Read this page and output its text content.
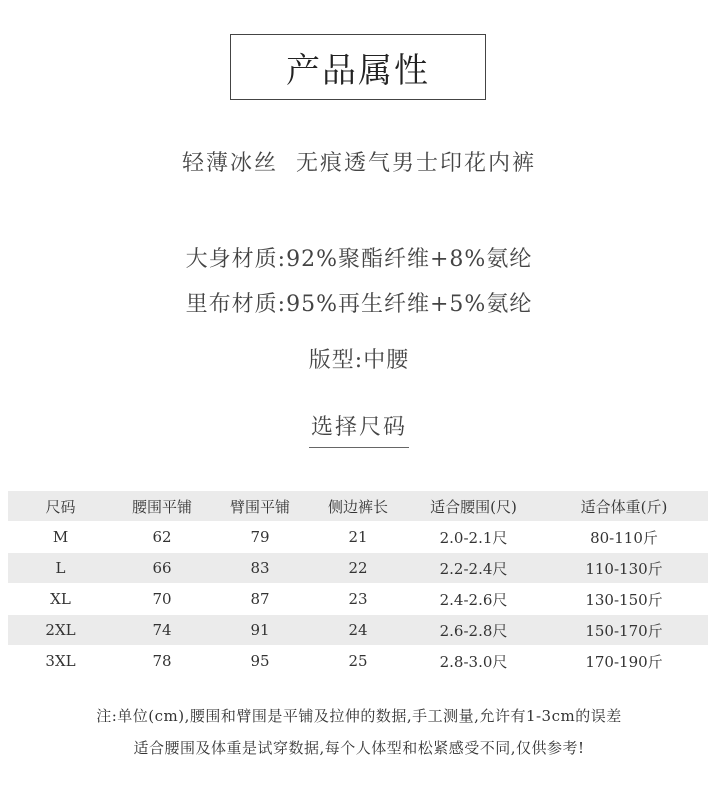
产品属性
轻薄冰丝  无痕透气男士印花内裤
大身材质:92%聚酯纤维+8%氨纶
里布材质:95%再生纤维+5%氨纶
版型:中腰
选择尺码
尺码	腰围平铺	臂围平铺	侧边裤长	适合腰围(尺)	适合体重(斤)
M	62	79	21	2.0-2.1尺	80-110斤
L	66	83	22	2.2-2.4尺	110-130斤
XL	70	87	23	2.4-2.6尺	130-150斤
2XL	74	91	24	2.6-2.8尺	150-170斤
3XL	78	95	25	2.8-3.0尺	170-190斤
注:单位(cm),腰围和臂围是平铺及拉伸的数据,手工测量,允许有1-3cm的误差
适合腰围及体重是试穿数据,每个人体型和松紧感受不同,仅供参考!
